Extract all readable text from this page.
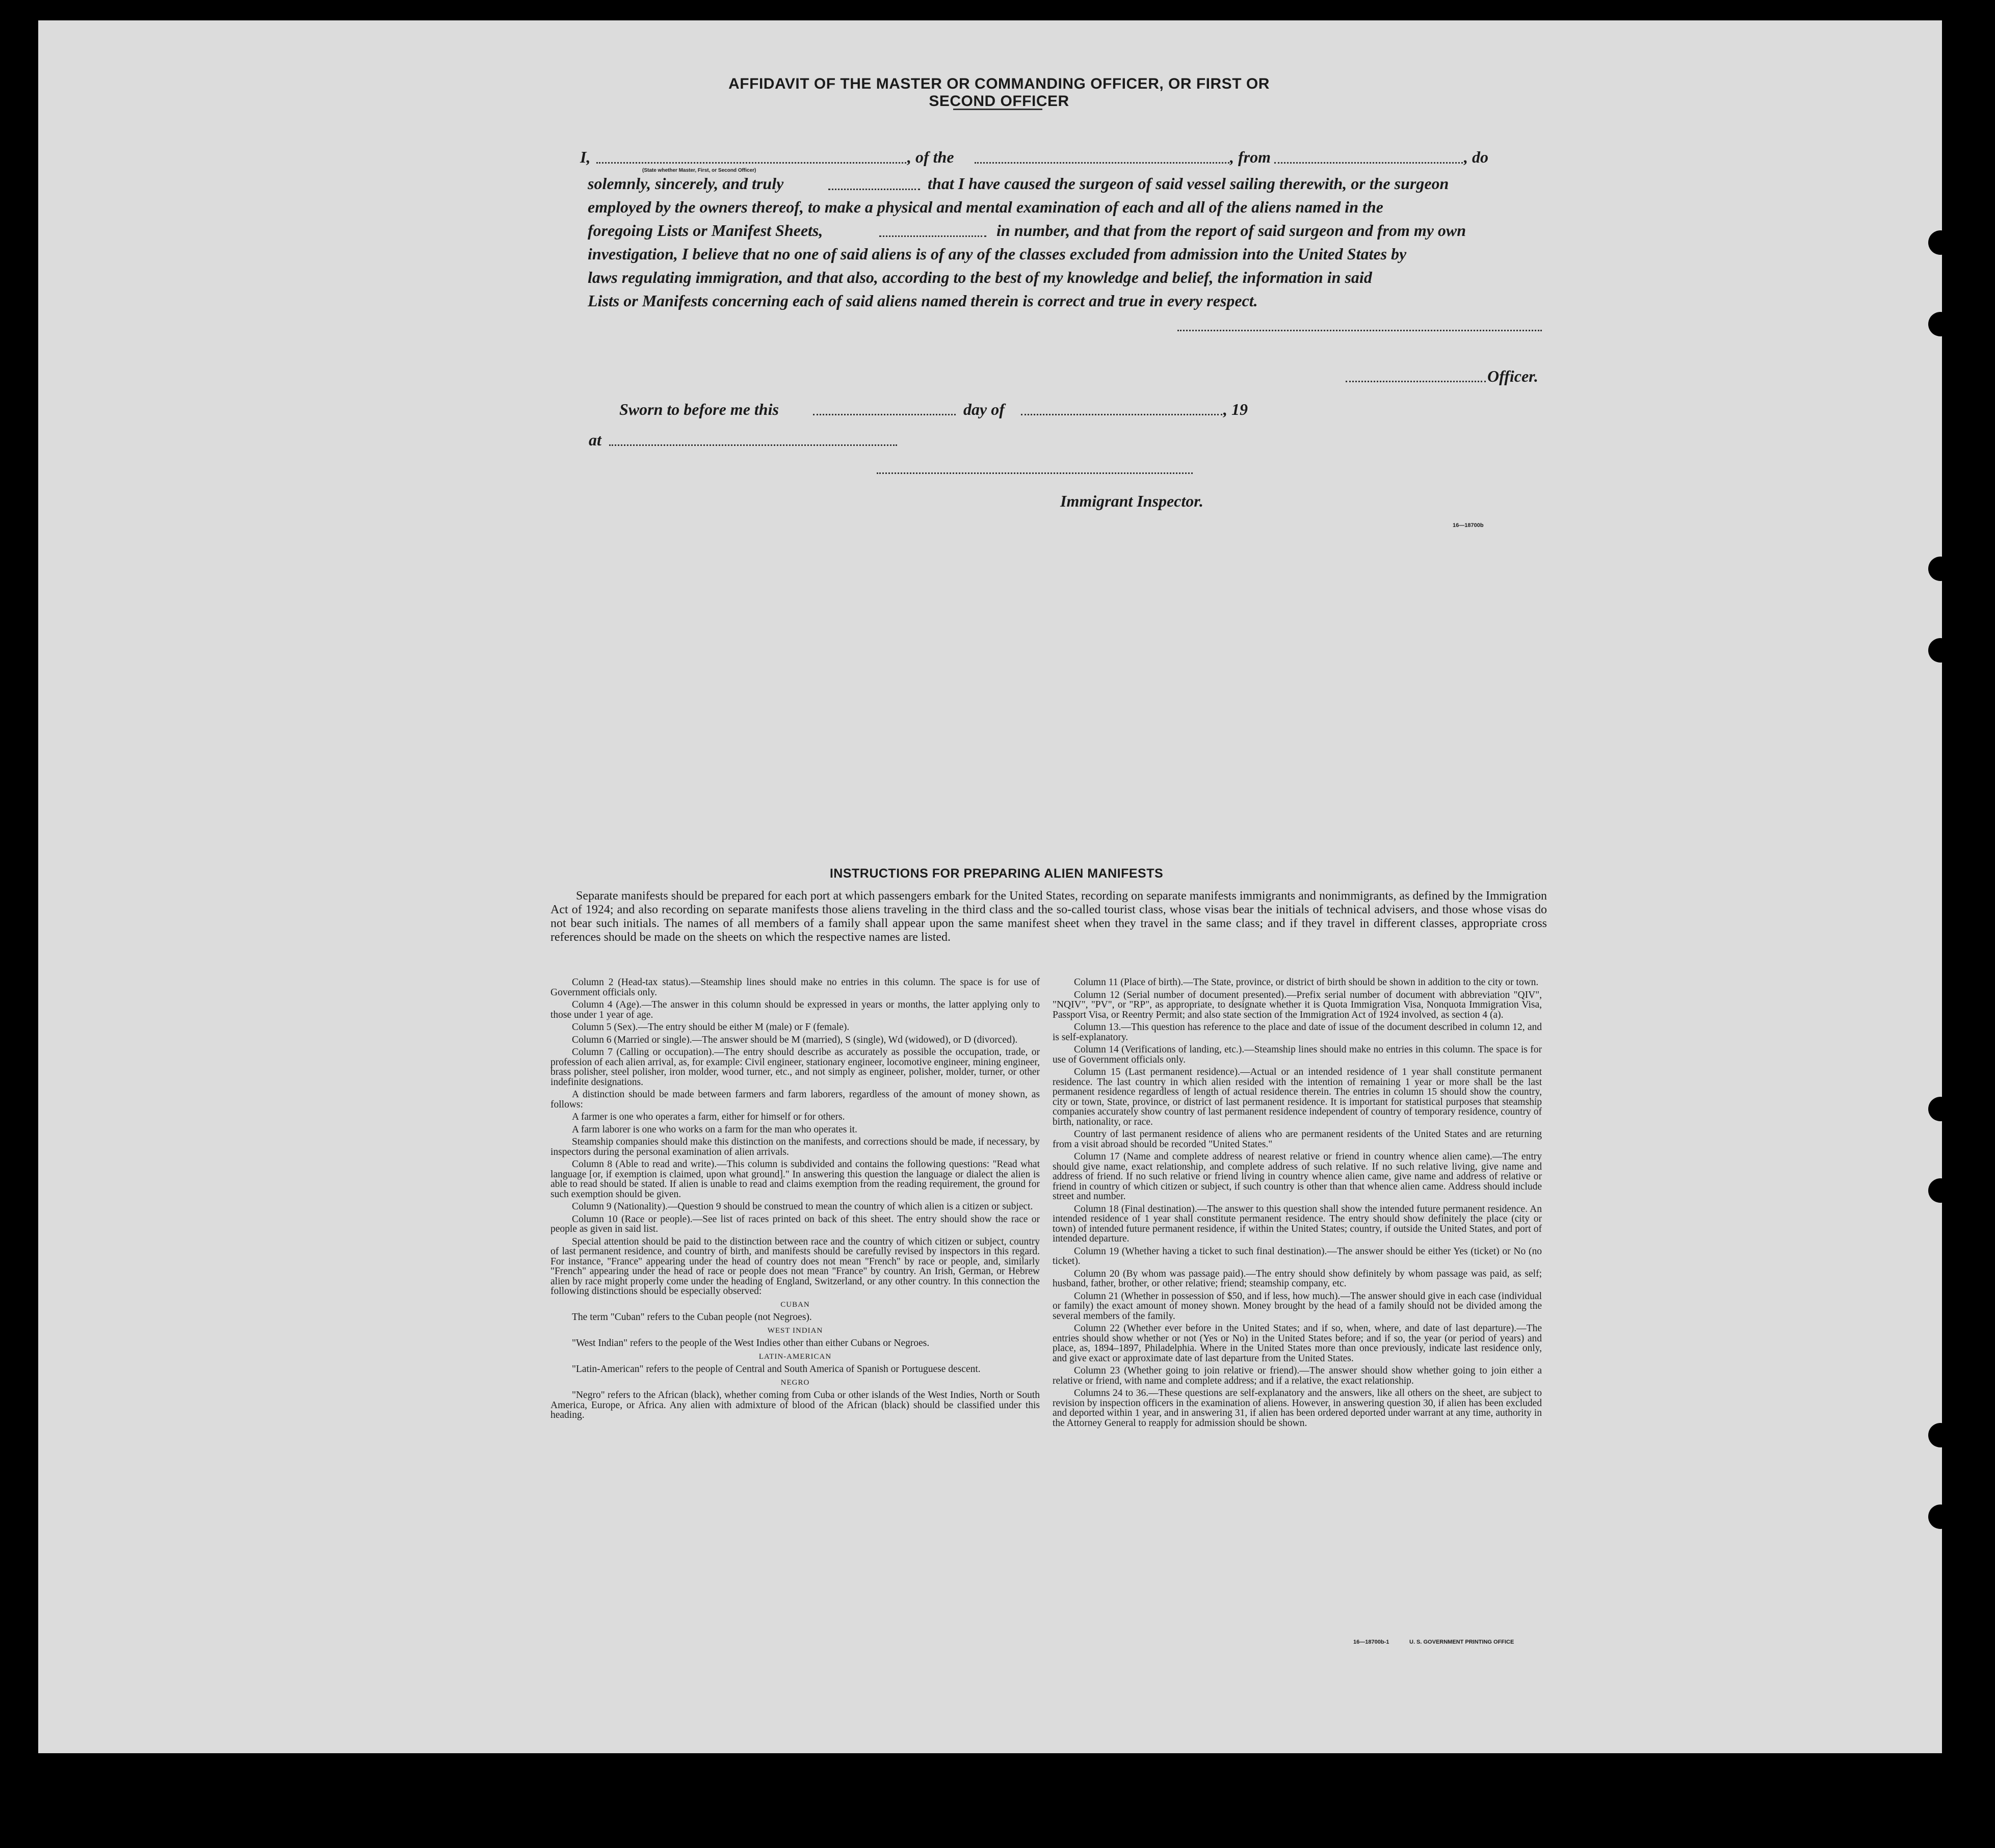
AFFIDAVIT OF THE MASTER OR COMMANDING OFFICER, OR FIRST OR SECOND OFFICER
I,	, of the	, from	, do
(State whether Master, First, or Second Officer)
solemnly, sincerely, and truly	that I have caused the surgeon of said vessel sailing therewith, or the surgeon
employed by the owners thereof, to make a physical and mental examination of each and all of the aliens named in the
foregoing Lists or Manifest Sheets,	in number, and that from the report of said surgeon and from my own
investigation, I believe that no one of said aliens is of any of the classes excluded from admission into the United States by
laws regulating immigration, and that also, according to the best of my knowledge and belief, the information in said
Lists or Manifests concerning each of said aliens named therein is correct and true in every respect.
Officer.
Sworn to before me this	day of	, 19
at
Immigrant Inspector.
16—18700b
INSTRUCTIONS FOR PREPARING ALIEN MANIFESTS
Separate manifests should be prepared for each port at which passengers embark for the United States, recording on separate manifests immigrants and nonimmigrants, as defined by the Immigration Act of 1924; and also recording on separate manifests those aliens traveling in the third class and the so-called tourist class, whose visas bear the initials of technical advisers, and those whose visas do not bear such initials. The names of all members of a family shall appear upon the same manifest sheet when they travel in the same class; and if they travel in different classes, appropriate cross references should be made on the sheets on which the respective names are listed.

Column 2 (Head-tax status).—Steamship lines should make no entries in this column. The space is for use of Government officials only.

Column 4 (Age).—The answer in this column should be expressed in years or months, the latter applying only to those under 1 year of age.

Column 5 (Sex).—The entry should be either M (male) or F (female).

Column 6 (Married or single).—The answer should be M (married), S (single), Wd (widowed), or D (divorced).

Column 7 (Calling or occupation).—The entry should describe as accurately as possible the occupation, trade, or profession of each alien arrival, as, for example: Civil engineer, stationary engineer, locomotive engineer, mining engineer, brass polisher, steel polisher, iron molder, wood turner, etc., and not simply as engineer, polisher, molder, turner, or other indefinite designations.

A distinction should be made between farmers and farm laborers, regardless of the amount of money shown, as follows:

A farmer is one who operates a farm, either for himself or for others.

A farm laborer is one who works on a farm for the man who operates it.

Steamship companies should make this distinction on the manifests, and corrections should be made, if necessary, by inspectors during the personal examination of alien arrivals.

Column 8 (Able to read and write).—This column is subdivided and contains the following questions: "Read what language [or, if exemption is claimed, upon what ground]." In answering this question the language or dialect the alien is able to read should be stated. If alien is unable to read and claims exemption from the reading requirement, the ground for such exemption should be given.

Column 9 (Nationality).—Question 9 should be construed to mean the country of which alien is a citizen or subject.

Column 10 (Race or people).—See list of races printed on back of this sheet. The entry should show the race or people as given in said list.

Special attention should be paid to the distinction between race and the country of which citizen or subject, country of last permanent residence, and country of birth, and manifests should be carefully revised by inspectors in this regard. For instance, "France" appearing under the head of country does not mean "French" by race or people, and, similarly "French" appearing under the head of race or people does not mean "France" by country. An Irish, German, or Hebrew alien by race might properly come under the heading of England, Switzerland, or any other country. In this connection the following distinctions should be especially observed:

CUBAN

The term "Cuban" refers to the Cuban people (not Negroes).

WEST INDIAN

"West Indian" refers to the people of the West Indies other than either Cubans or Negroes.

LATIN-AMERICAN

"Latin-American" refers to the people of Central and South America of Spanish or Portuguese descent.

NEGRO

"Negro" refers to the African (black), whether coming from Cuba or other islands of the West Indies, North or South America, Europe, or Africa. Any alien with admixture of blood of the African (black) should be classified under this heading.

Column 11 (Place of birth).—The State, province, or district of birth should be shown in addition to the city or town.

Column 12 (Serial number of document presented).—Prefix serial number of document with abbreviation "QIV", "NQIV", "PV", or "RP", as appropriate, to designate whether it is Quota Immigration Visa, Nonquota Immigration Visa, Passport Visa, or Reentry Permit; and also state section of the Immigration Act of 1924 involved, as section 4 (a).

Column 13.—This question has reference to the place and date of issue of the document described in column 12, and is self-explanatory.

Column 14 (Verifications of landing, etc.).—Steamship lines should make no entries in this column. The space is for use of Government officials only.

Column 15 (Last permanent residence).—Actual or an intended residence of 1 year shall constitute permanent residence. The last country in which alien resided with the intention of remaining 1 year or more shall be the last permanent residence regardless of length of actual residence therein. The entries in column 15 should show the country, city or town, State, province, or district of last permanent residence. It is important for statistical purposes that steamship companies accurately show country of last permanent residence independent of country of temporary residence, country of birth, nationality, or race.

Country of last permanent residence of aliens who are permanent residents of the United States and are returning from a visit abroad should be recorded "United States."

Column 17 (Name and complete address of nearest relative or friend in country whence alien came).—The entry should give name, exact relationship, and complete address of such relative. If no such relative living, give name and address of friend. If no such relative or friend living in country whence alien came, give name and address of relative or friend in country of which citizen or subject, if such country is other than that whence alien came. Address should include street and number.

Column 18 (Final destination).—The answer to this question shall show the intended future permanent residence. An intended residence of 1 year shall constitute permanent residence. The entry should show definitely the place (city or town) of intended future permanent residence, if within the United States; country, if outside the United States, and port of intended departure.

Column 19 (Whether having a ticket to such final destination).—The answer should be either Yes (ticket) or No (no ticket).

Column 20 (By whom was passage paid).—The entry should show definitely by whom passage was paid, as self; husband, father, brother, or other relative; friend; steamship company, etc.

Column 21 (Whether in possession of $50, and if less, how much).—The answer should give in each case (individual or family) the exact amount of money shown. Money brought by the head of a family should not be divided among the several members of the family.

Column 22 (Whether ever before in the United States; and if so, when, where, and date of last departure).—The entries should show whether or not (Yes or No) in the United States before; and if so, the year (or period of years) and place, as, 1894–1897, Philadelphia. Where in the United States more than once previously, indicate last residence only, and give exact or approximate date of last departure from the United States.

Column 23 (Whether going to join relative or friend).—The answer should show whether going to join either a relative or friend, with name and complete address; and if a relative, the exact relationship.

Columns 24 to 36.—These questions are self-explanatory and the answers, like all others on the sheet, are subject to revision by inspection officers in the examination of aliens. However, in answering question 30, if alien has been excluded and deported within 1 year, and in answering 31, if alien has been ordered deported under warrant at any time, authority in the Attorney General to reapply for admission should be shown.

16—18700b-1	U. S. GOVERNMENT PRINTING OFFICE
